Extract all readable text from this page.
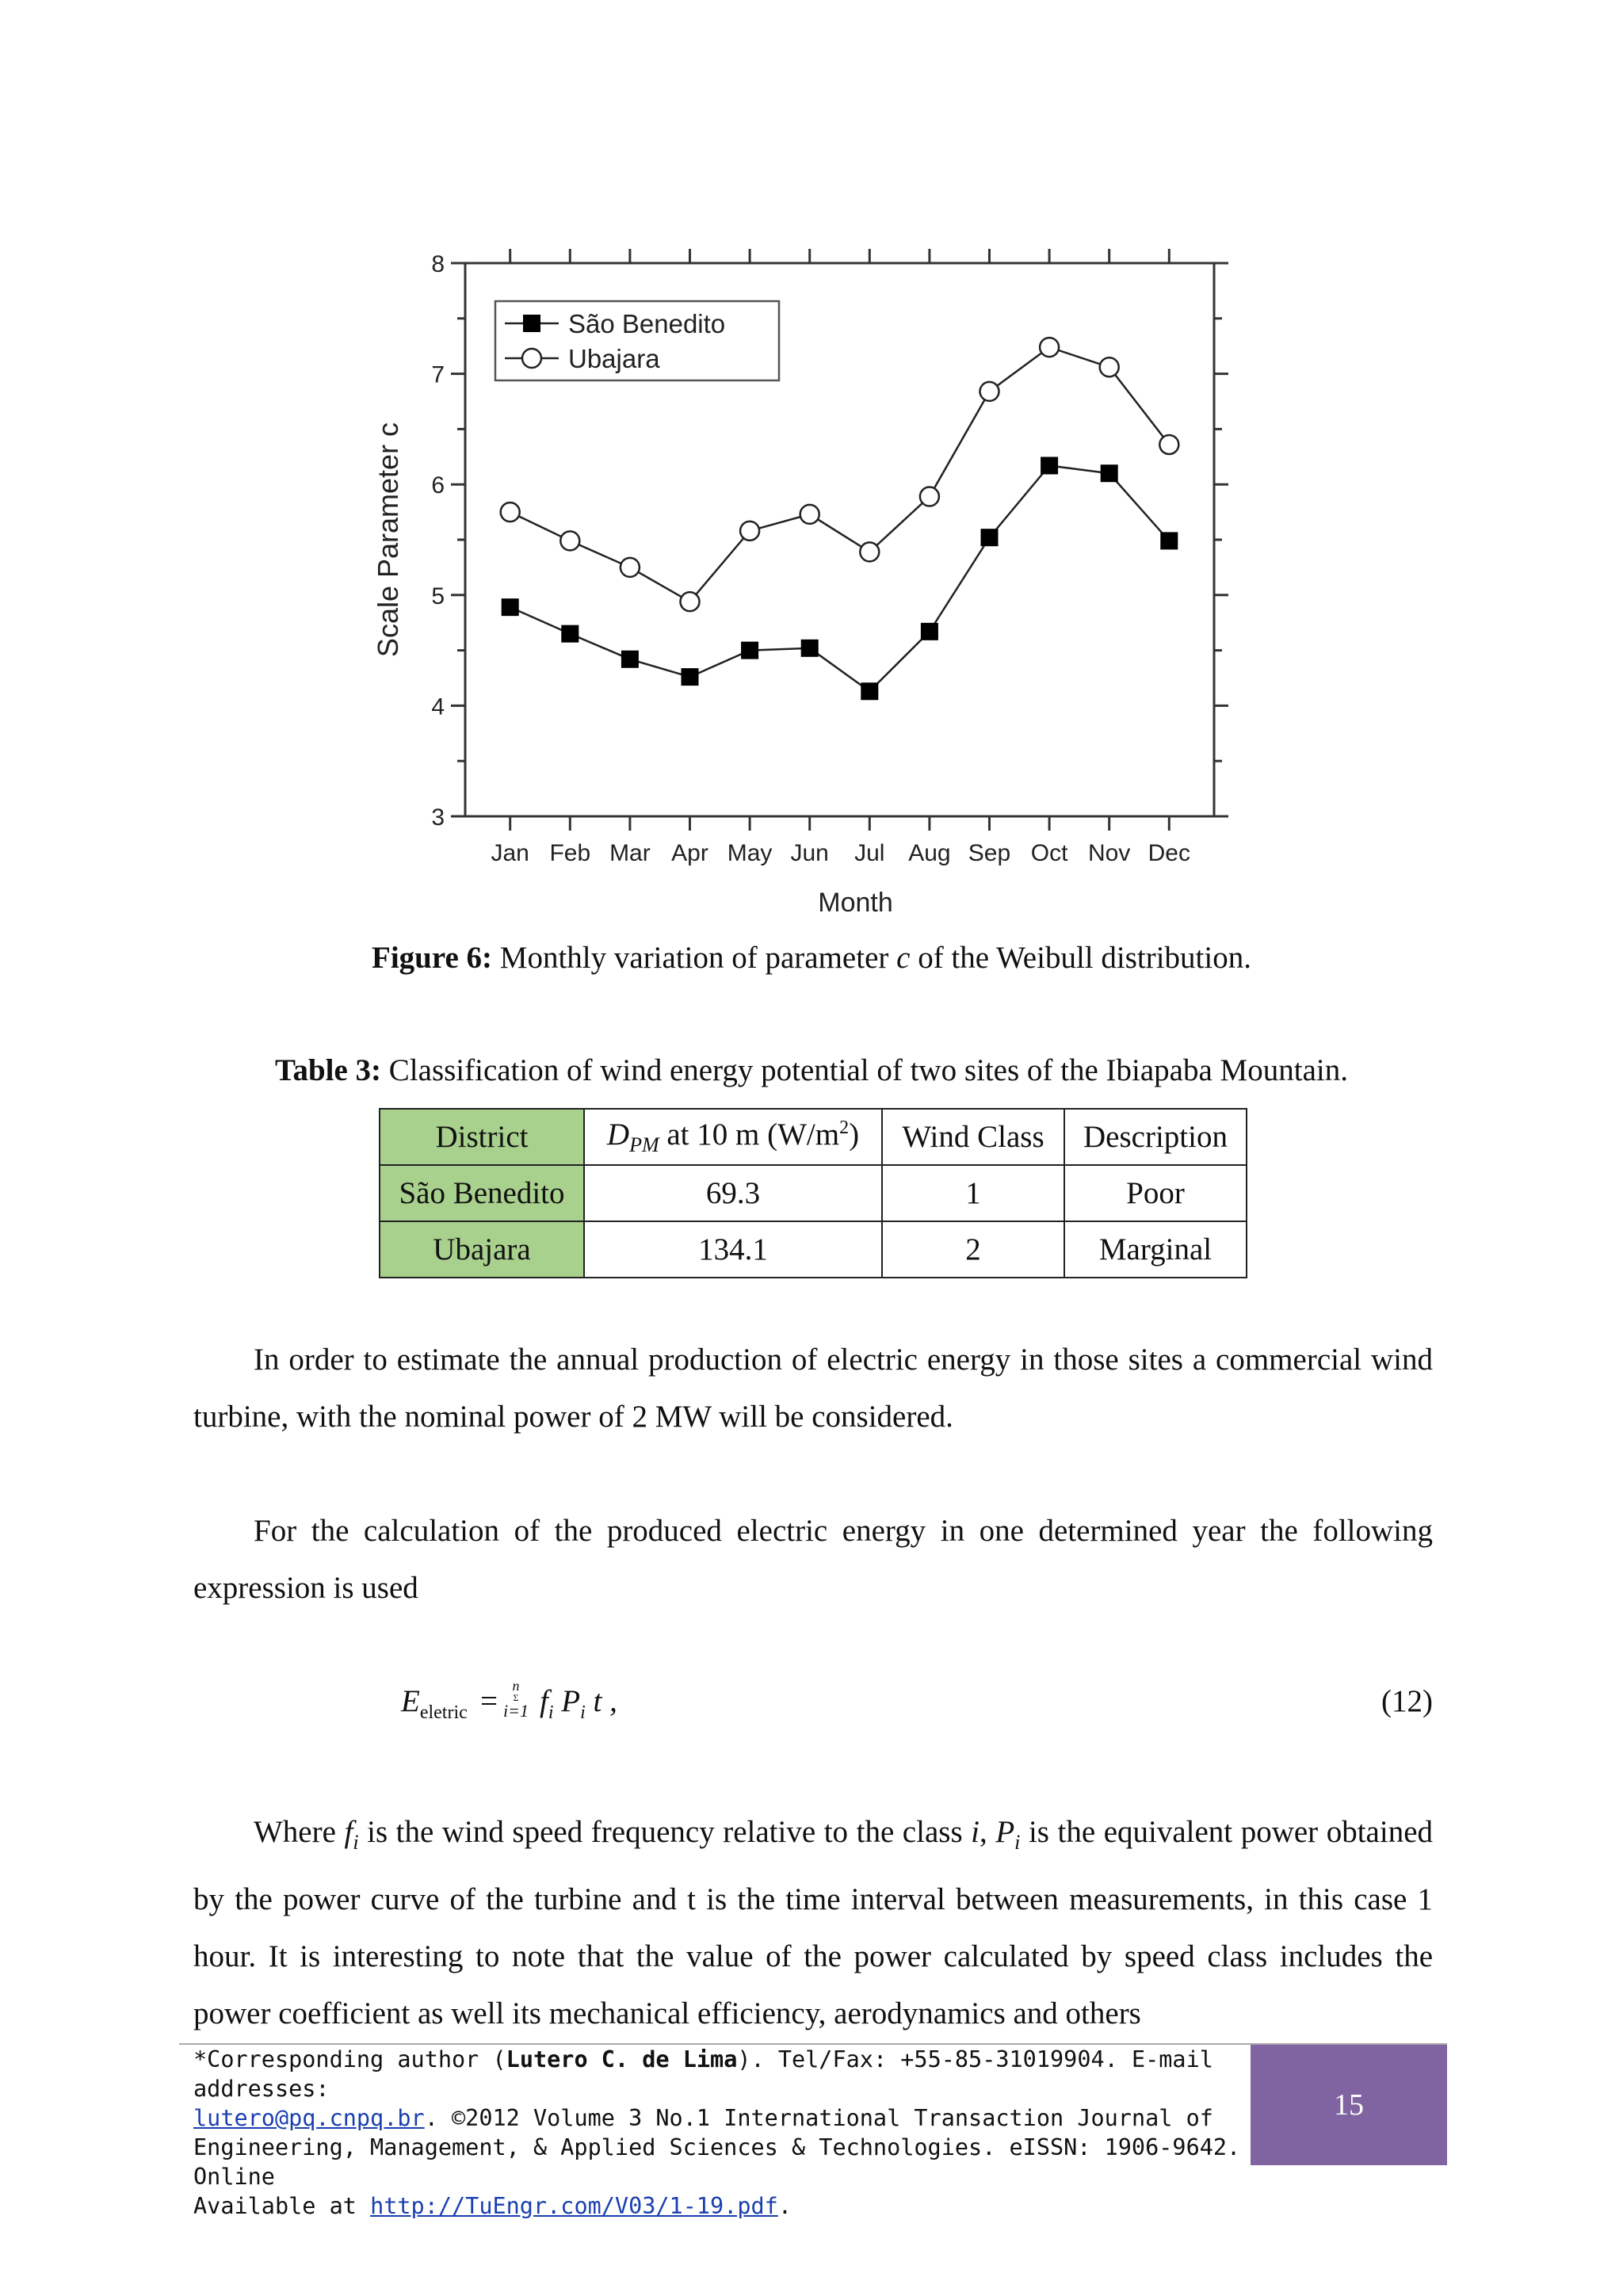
3
4
5
6
7
8
Jan Feb Mar Apr May Jun Jul Aug Sep Oct Nov Dec
Month
Scale Parameter c
São Benedito
Ubajara
Figure 6: Monthly variation of parameter c of the Weibull distribution.
Table 3: Classification of wind energy potential of two sites of the Ibiapaba Mountain.
District	$D_{PM}$ at 10 m $(W/m^2)$	Wind Class	Description
São Benedito	69.3	1	Poor
Ubajara	134.1	2	Marginal

In order to estimate the annual production of electric energy in those sites a commercial wind turbine, with the nominal power of 2 MW will be considered.

For the calculation of the produced electric energy in one determined year the following expression is used

$E_{eletric}$ =	n
Σ
i=1 $f_i$ $P_i$ t ,	(12)

Where $f_i$ is the wind speed frequency relative to the class i, $P_i$ is the equivalent power obtained by the power curve of the turbine and t is the time interval between measurements, in this case 1 hour. It is interesting to note that the value of the power calculated by speed class includes the power coefficient as well its mechanical efficiency, aerodynamics and others

*Corresponding author (Lutero C. de Lima). Tel/Fax: +55-85-31019904. E-mail addresses:
lutero@pq.cnpq.br. ©2012 Volume 3 No.1 International Transaction Journal of
Engineering, Management, & Applied Sciences & Technologies. eISSN: 1906-9642. Online
Available at http://TuEngr.com/V03/1-19.pdf.
15
